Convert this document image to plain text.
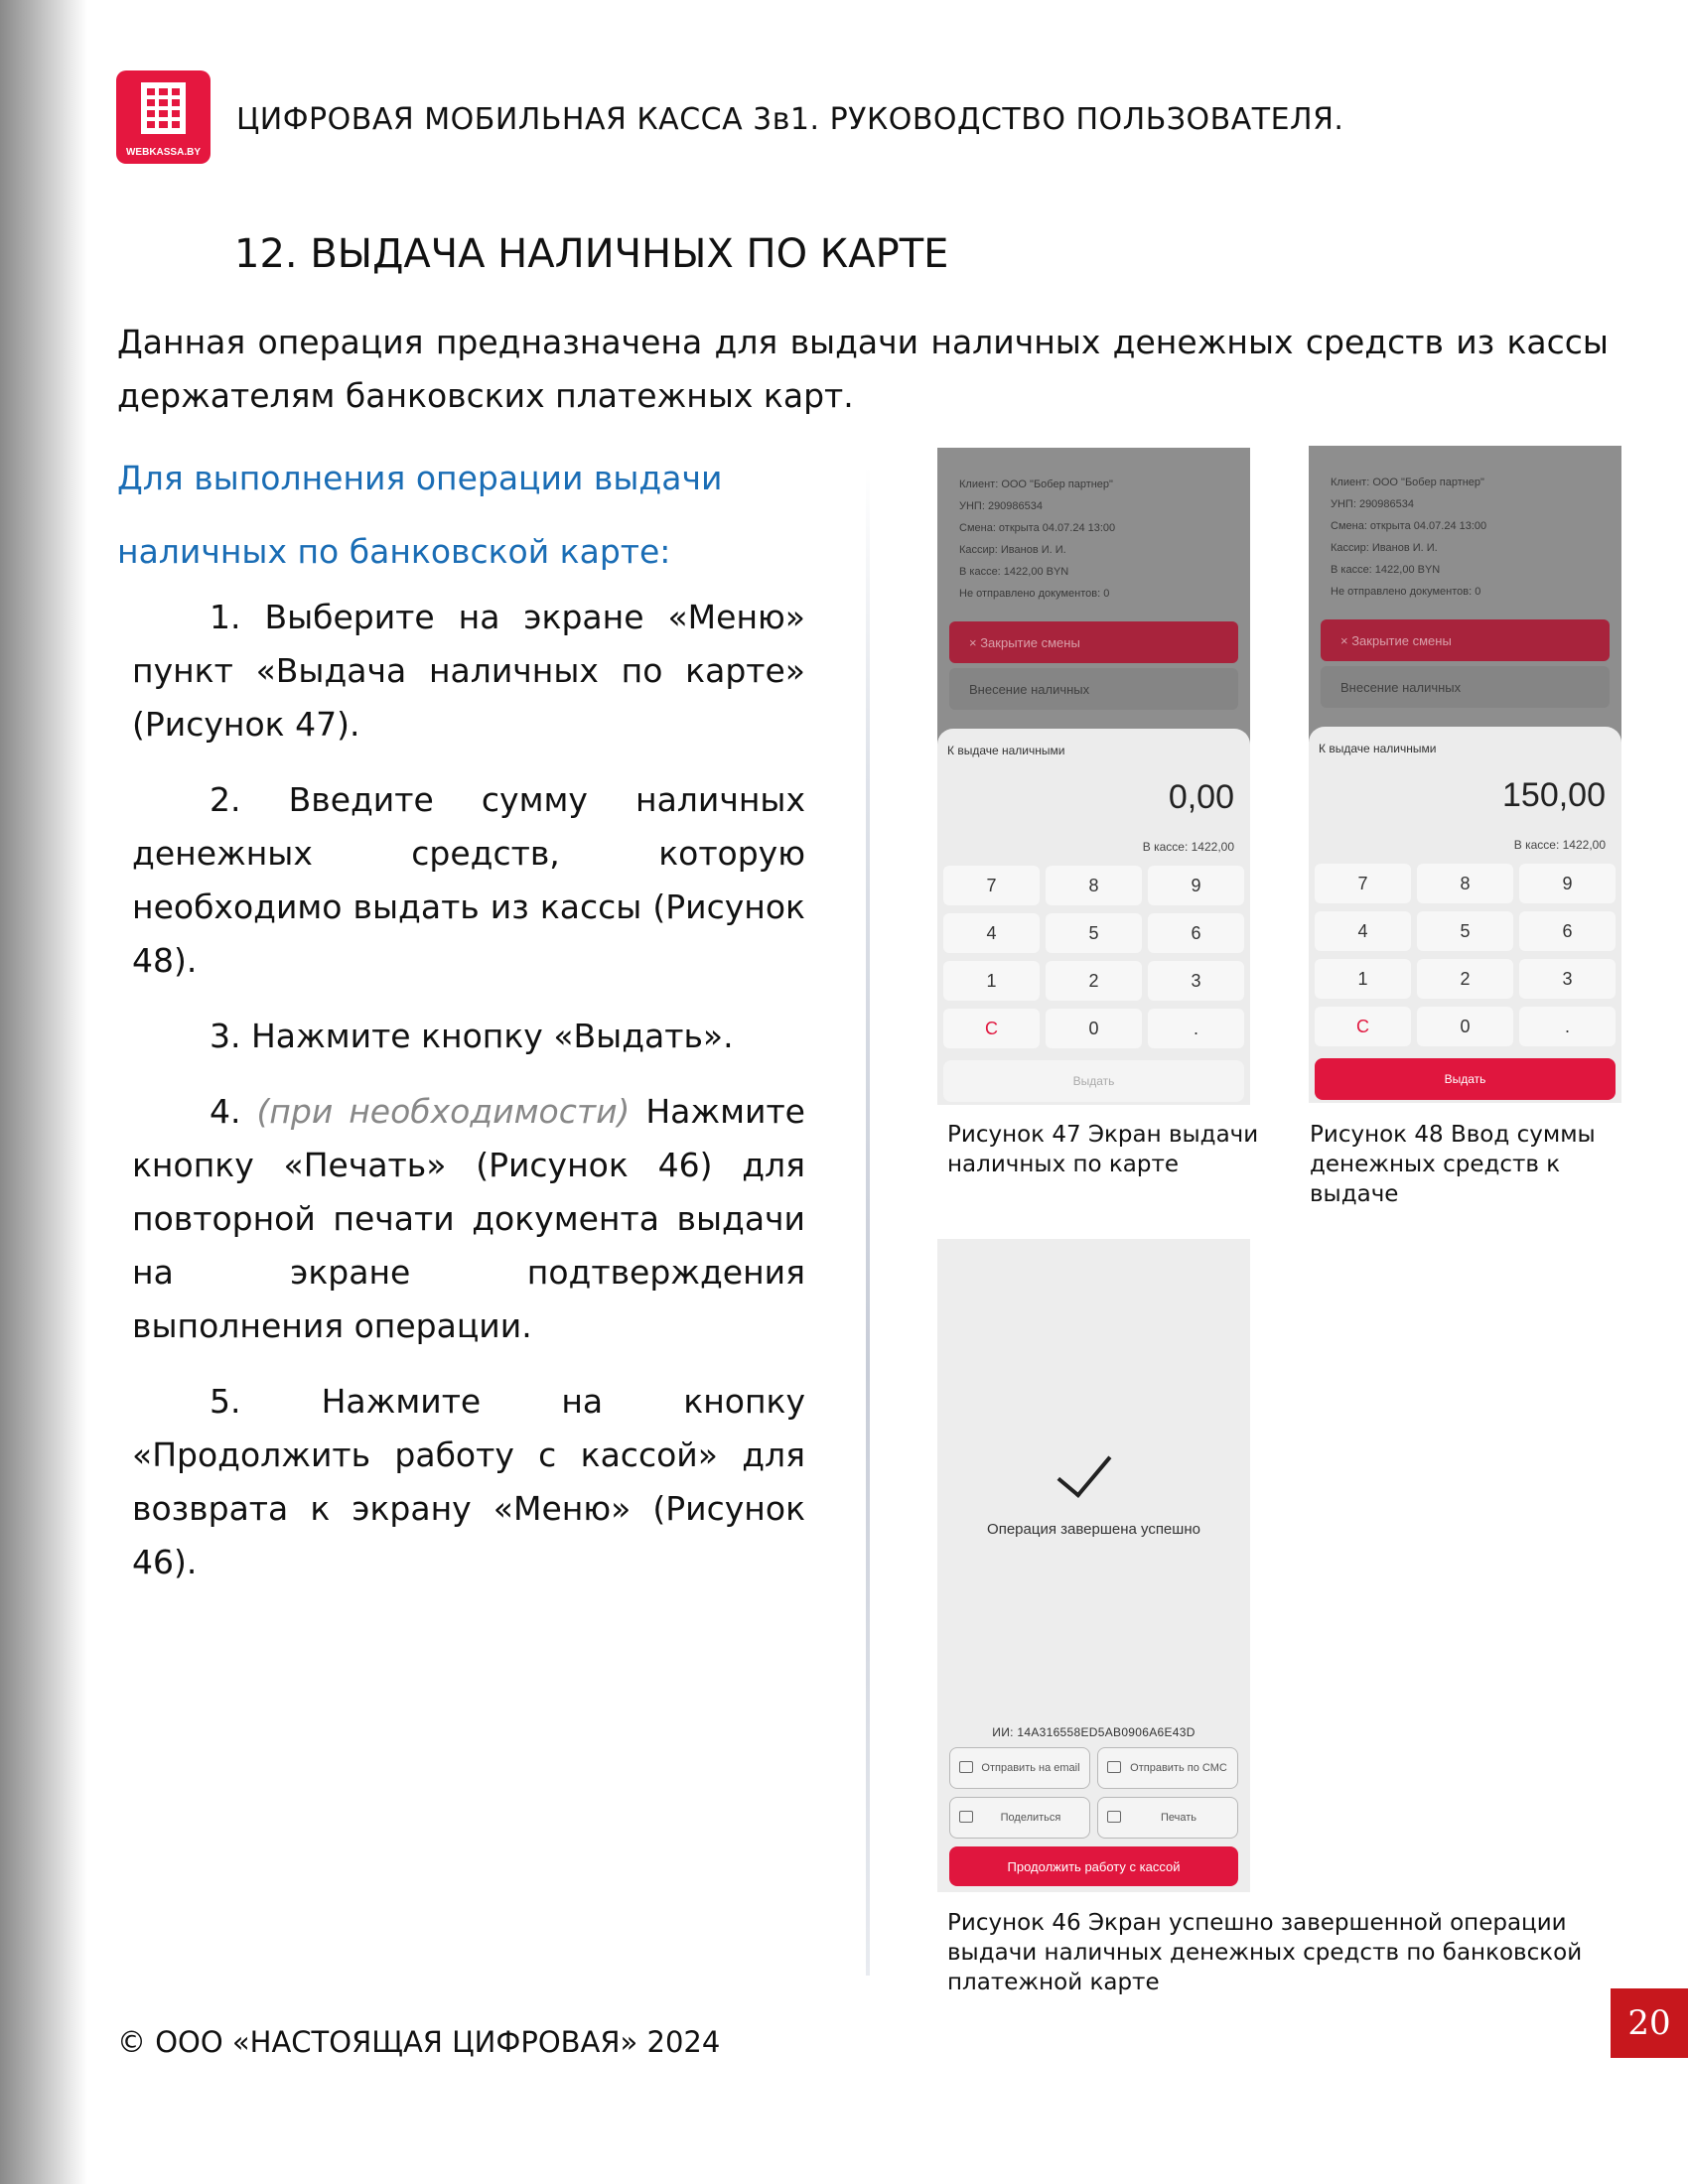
WEBKASSA.BY
ЦИФРОВАЯ МОБИЛЬНАЯ КАССА 3в1. РУКОВОДСТВО ПОЛЬЗОВАТЕЛЯ.
12. ВЫДАЧА НАЛИЧНЫХ ПО КАРТЕ

Данная операция предназначена для выдачи наличных денежных средств из кассы держателям банковских платежных карт.

Для выполнения операции выдачи наличных по банковской карте:

1. Выберите на экране «Меню» пункт «Выдача наличных по карте» (Рисунок 47).

2. Введите сумму наличных денежных средств, которую необходимо выдать из кассы (Рисунок 48).

3. Нажмите кнопку «Выдать».

4. (при необходимости) Нажмите кнопку «Печать» (Рисунок 46) для повторной печати документа выдачи на экране подтверждения выполнения операции.

5. Нажмите на кнопку «Продолжить работу с кассой» для возврата к экрану «Меню» (Рисунок 46).

Клиент: ООО "Бобер партнер"
УНП: 290986534
Смена: открыта 04.07.24 13:00
Кассир: Иванов И. И.
В кассе: 1422,00 BYN
Не отправлено документов: 0
× Закрытие смены
Внесение наличных
К выдаче наличными
0,00
В кассе: 1422,00
7	8	9
4	5	6
1	2	3
C	0	.
Выдать
Рисунок 47 Экран выдачи наличных по карте
Клиент: ООО "Бобер партнер"
УНП: 290986534
Смена: открыта 04.07.24 13:00
Кассир: Иванов И. И.
В кассе: 1422,00 BYN
Не отправлено документов: 0
× Закрытие смены
Внесение наличных
К выдаче наличными
150,00
В кассе: 1422,00
7	8	9
4	5	6
1	2	3
C	0	.
Выдать
Рисунок 48 Ввод суммы денежных средств к выдаче
Операция завершена успешно
ИИ: 14A316558ED5AB0906A6E43D
Отправить на email	Отправить по СМС
Поделиться	Печать
Продолжить работу с кассой
Рисунок 46 Экран успешно завершенной операции выдачи наличных денежных средств по банковской платежной карте
© ООО «НАСТОЯЩАЯ ЦИФРОВАЯ» 2024	20
